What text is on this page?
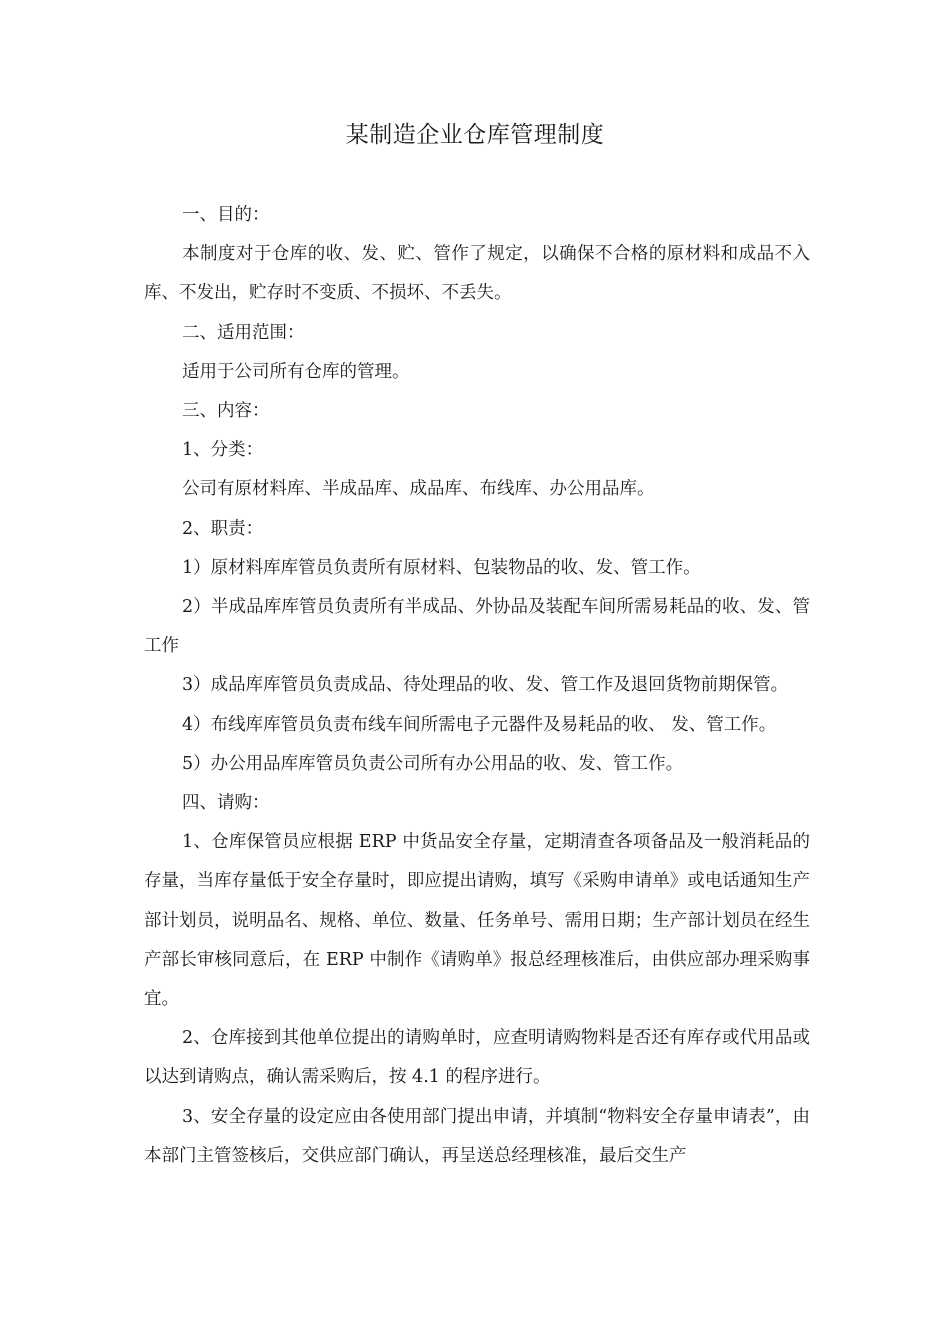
某制造企业仓库管理制度

一、目的：

本制度对于仓库的收、发、贮、管作了规定，以确保不合格的原材料和成品不入库、不发出，贮存时不变质、不损坏、不丢失。

二、适用范围：

适用于公司所有仓库的管理。

三、内容：

1、分类：

公司有原材料库、半成品库、成品库、布线库、办公用品库。

2、职责：

1）原材料库库管员负责所有原材料、包装物品的收、发、管工作。

2）半成品库库管员负责所有半成品、外协品及装配车间所需易耗品的收、发、管工作

3）成品库库管员负责成品、待处理品的收、发、管工作及退回货物前期保管。

4）布线库库管员负责布线车间所需电子元器件及易耗品的收、 发、管工作。

5）办公用品库库管员负责公司所有办公用品的收、发、管工作。

四、请购：

1、仓库保管员应根据 ERP 中货品安全存量，定期清查各项备品及一般消耗品的存量，当库存量低于安全存量时，即应提出请购，填写《采购申请单》或电话通知生产部计划员，说明品名、规格、单位、数量、任务单号、需用日期；生产部计划员在经生产部长审核同意后，在 ERP 中制作《请购单》报总经理核准后，由供应部办理采购事宜。

2、仓库接到其他单位提出的请购单时，应查明请购物料是否还有库存或代用品或以达到请购点，确认需采购后，按 4.1 的程序进行。

3、安全存量的设定应由各使用部门提出申请，并填制“物料安全存量申请表”，由本部门主管签核后，交供应部门确认，再呈送总经理核准，最后交生产
